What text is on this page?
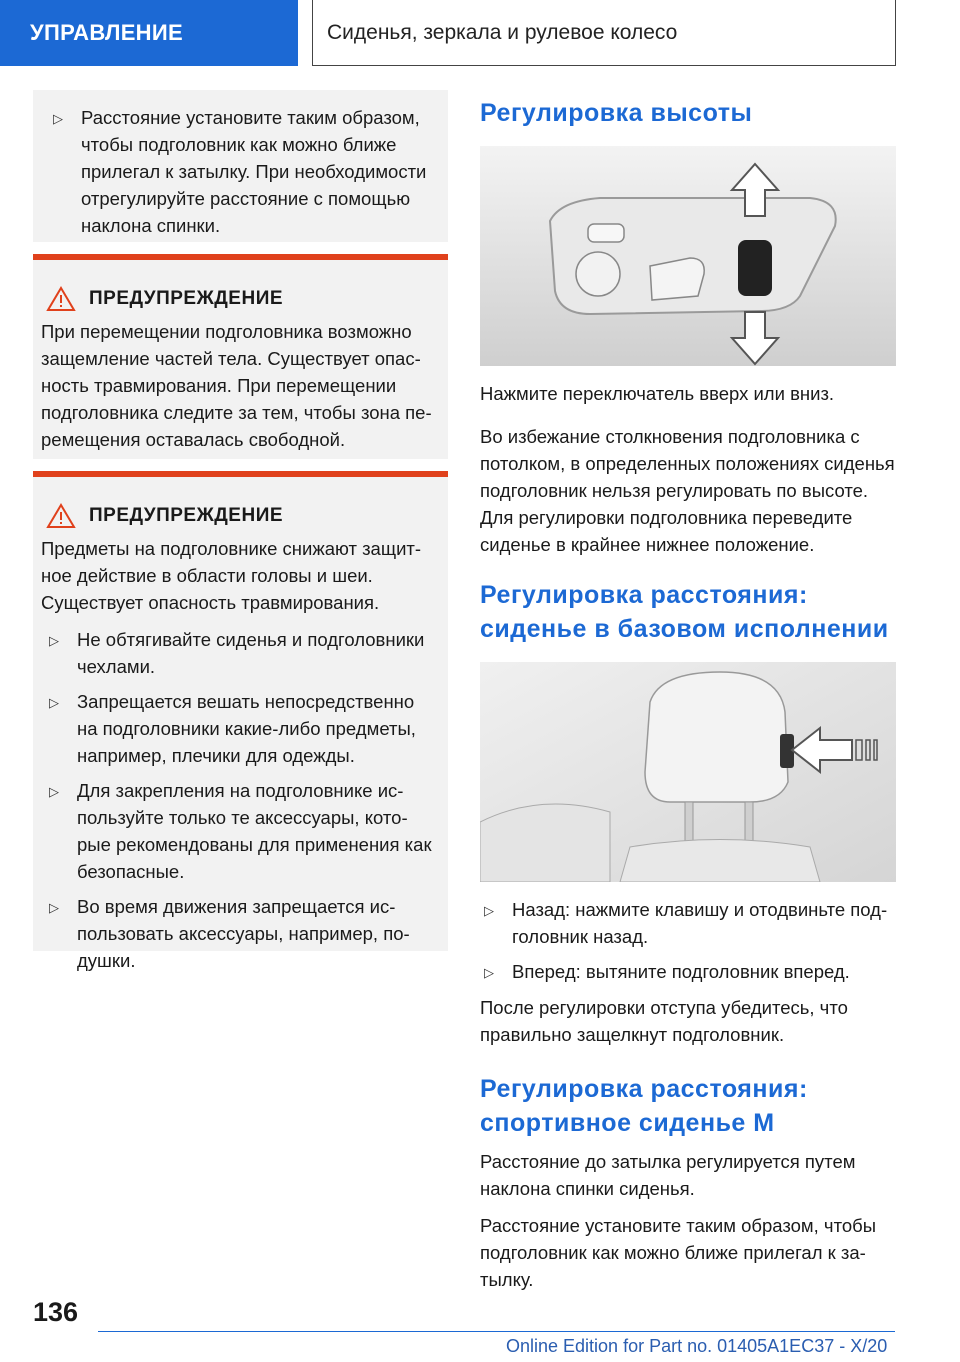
УПРАВЛЕНИЕ	Сиденья, зеркала и рулевое колесо
▷ Расстояние установите таким образом, чтобы подголовник как можно ближе прилегал к затылку. При необходимости отрегулируйте расстояние с помощью наклона спинки.
ПРЕДУПРЕЖДЕНИЕ

При перемещении подголовника возможно защемление частей тела. Существует опасность травмирования. При перемещении подголовника следите за тем, чтобы зона перемещения оставалась свободной.

ПРЕДУПРЕЖДЕНИЕ

Предметы на подголовнике снижают защитное действие в области головы и шеи. Существует опасность травмирования.

▷ Не обтягивайте сиденья и подголовники чехлами.
▷ Запрещается вешать непосредственно на подголовники какие-либо предметы, например, плечики для одежды.
▷ Для закрепления на подголовнике используйте только те аксессуары, которые рекомендованы для применения как безопасные.
▷ Во время движения запрещается использовать аксессуары, например, подушки.
Регулировка высоты

Нажмите переключатель вверх или вниз.

Во избежание столкновения подголовника с потолком, в определенных положениях сиденья подголовник нельзя регулировать по высоте. Для регулировки подголовника переведите сиденье в крайнее нижнее положение.

Регулировка расстояния: сиденье в базовом исполнении
▷ Назад: нажмите клавишу и отодвиньте подголовник назад.
▷ Вперед: вытяните подголовник вперед.

После регулировки отступа убедитесь, что правильно защелкнут подголовник.

Регулировка расстояния: спортивное сиденье M

Расстояние до затылка регулируется путем наклона спинки сиденья.

Расстояние установите таким образом, чтобы подголовник как можно ближе прилегал к затылку.

136
Online Edition for Part no. 01405A1EC37 - X/20
